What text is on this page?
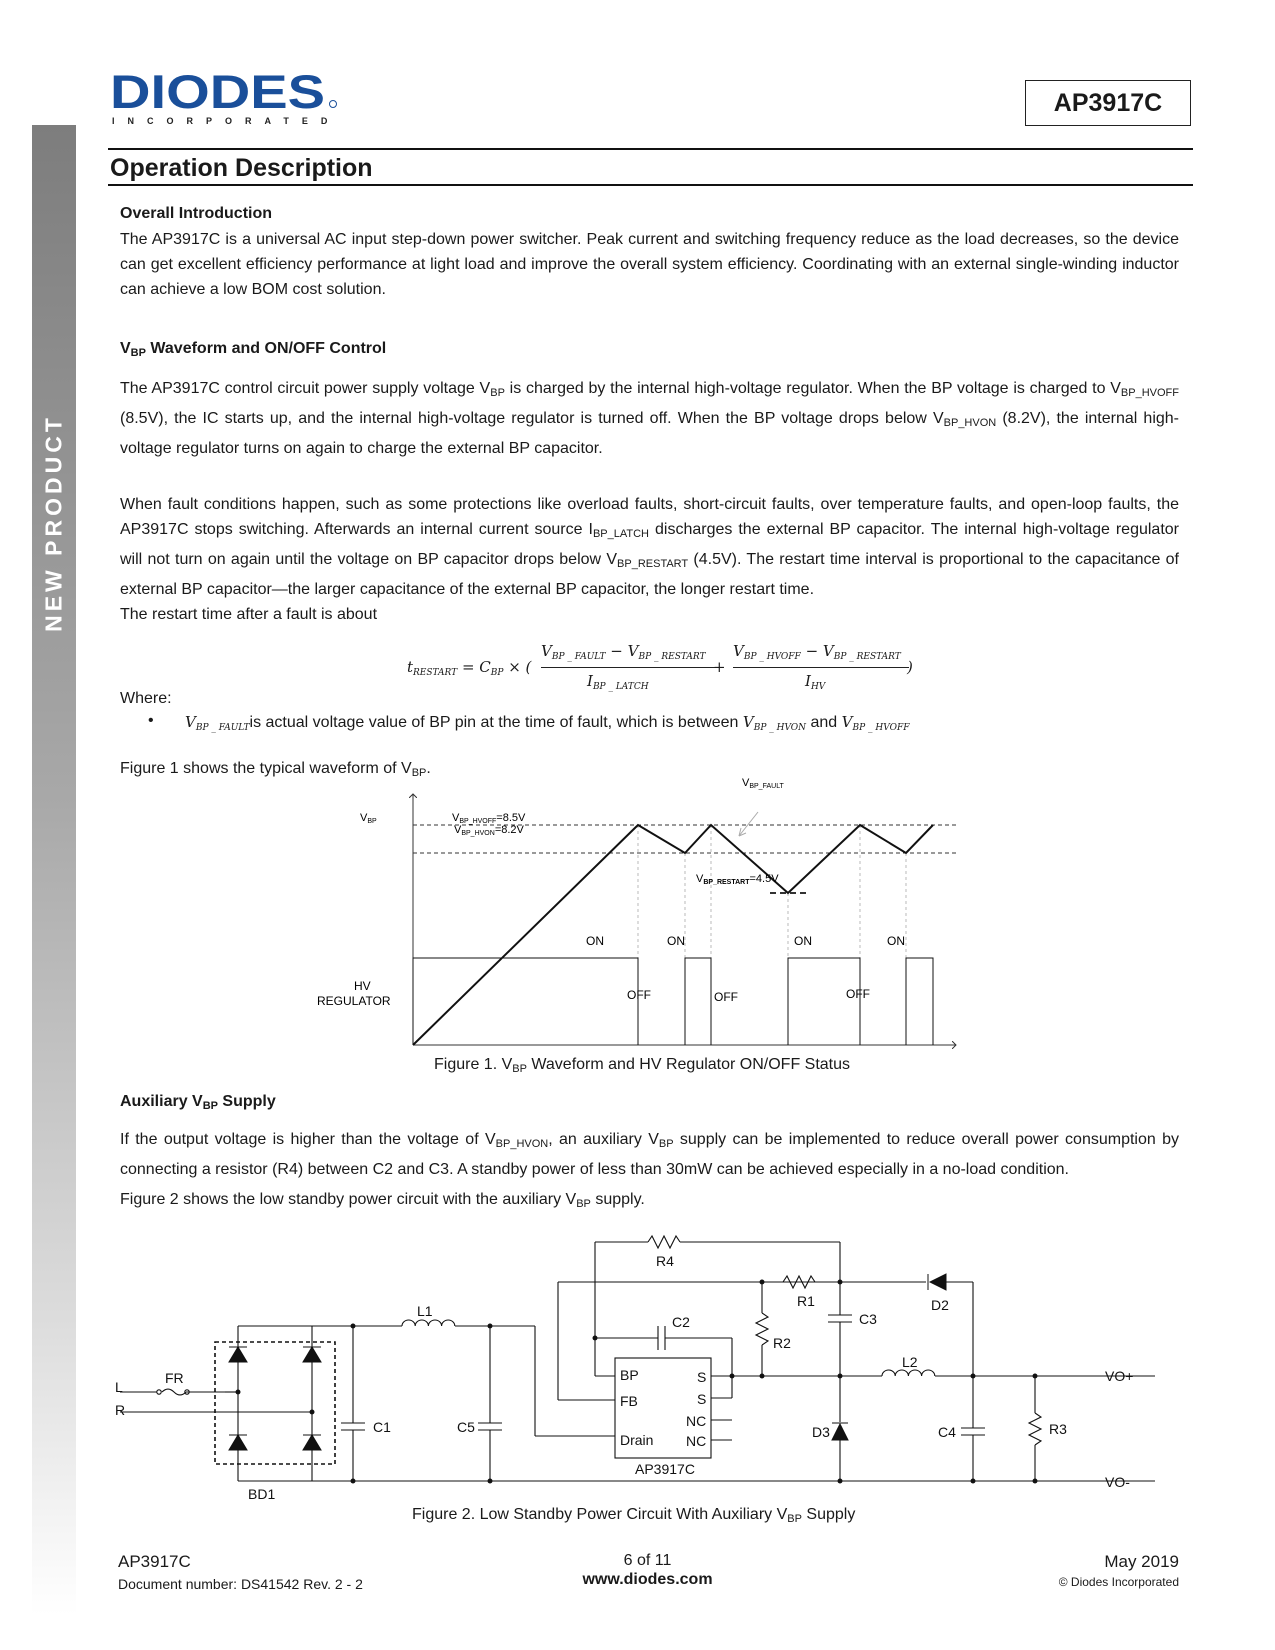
NEW PRODUCT
DIODES
INCORPORATED
AP3917C
Operation Description
Overall Introduction
The AP3917C is a universal AC input step-down power switcher. Peak current and switching frequency reduce as the load decreases, so the device can get excellent efficiency performance at light load and improve the overall system efficiency. Coordinating with an external single-winding inductor can achieve a low BOM cost solution.
$V_{BP}$ Waveform and ON/OFF Control
The AP3917C control circuit power supply voltage $V_{BP}$ is charged by the internal high-voltage regulator. When the BP voltage is charged to $V_{BP\_HVOFF}$ (8.5V), the IC starts up, and the internal high-voltage regulator is turned off. When the BP voltage drops below $V_{BP\_HVON}$ (8.2V), the internal high-voltage regulator turns on again to charge the external BP capacitor.
When fault conditions happen, such as some protections like overload faults, short-circuit faults, over temperature faults, and open-loop faults, the AP3917C stops switching. Afterwards an internal current source $I_{BP\_LATCH}$ discharges the external BP capacitor. The internal high-voltage regulator will not turn on again until the voltage on BP capacitor drops below $V_{BP\_RESTART}$ (4.5V). The restart time interval is proportional to the capacitance of external BP capacitor—the larger capacitance of the external BP capacitor, the longer restart time.
The restart time after a fault is about
$t_{RESTART} = C_{BP}$ × (
$V_{BP \_ FAULT} - V_{BP \_ RESTART}$
$I_{BP \_ LATCH}$
+
$V_{BP \_ HVOFF} - V_{BP \_ RESTART}$
$I_{HV}$
)
Where:
• $V_{BP \_ FAULT}is$ actual voltage value of BP pin at the time of fault, which is between $V_{BP \_ HVON}$ and $V_{BP \_ HVOFF}$
Figure 1 shows the typical waveform of $V_{BP}$.
VBP	VBP_HVOFF=8.5V
VBP_HVON=8.2V
VBP_FAULT
VBP_RESTART=4.5V
ON	ON	ON	ON
OFF	OFF	OFF
HV
REGULATOR
Figure 1. $V_{BP}$ Waveform and HV Regulator ON/OFF Status
Auxiliary $V_{BP}$ Supply
If the output voltage is higher than the voltage of $V_{BP\_HVON}$, an auxiliary $V_{BP}$ supply can be implemented to reduce overall power consumption by connecting a resistor (R4) between C2 and C3. A standby power of less than 30mW can be achieved especially in a no-load condition.
Figure 2 shows the low standby power circuit with the auxiliary $V_{BP}$ supply.
L
R
FR
BD1
C1
L1
C5
C2
R4
R1
R2
C3
D2
L2
D3	C4	R3
VO+
VO-
BP
FB
Drain
S
S
NC
NC
AP3917C
Figure 2. Low Standby Power Circuit With Auxiliary $V_{BP}$ Supply
AP3917C
Document number: DS41542 Rev. 2 - 2
6 of 11
www.diodes.com
May 2019
© Diodes Incorporated
